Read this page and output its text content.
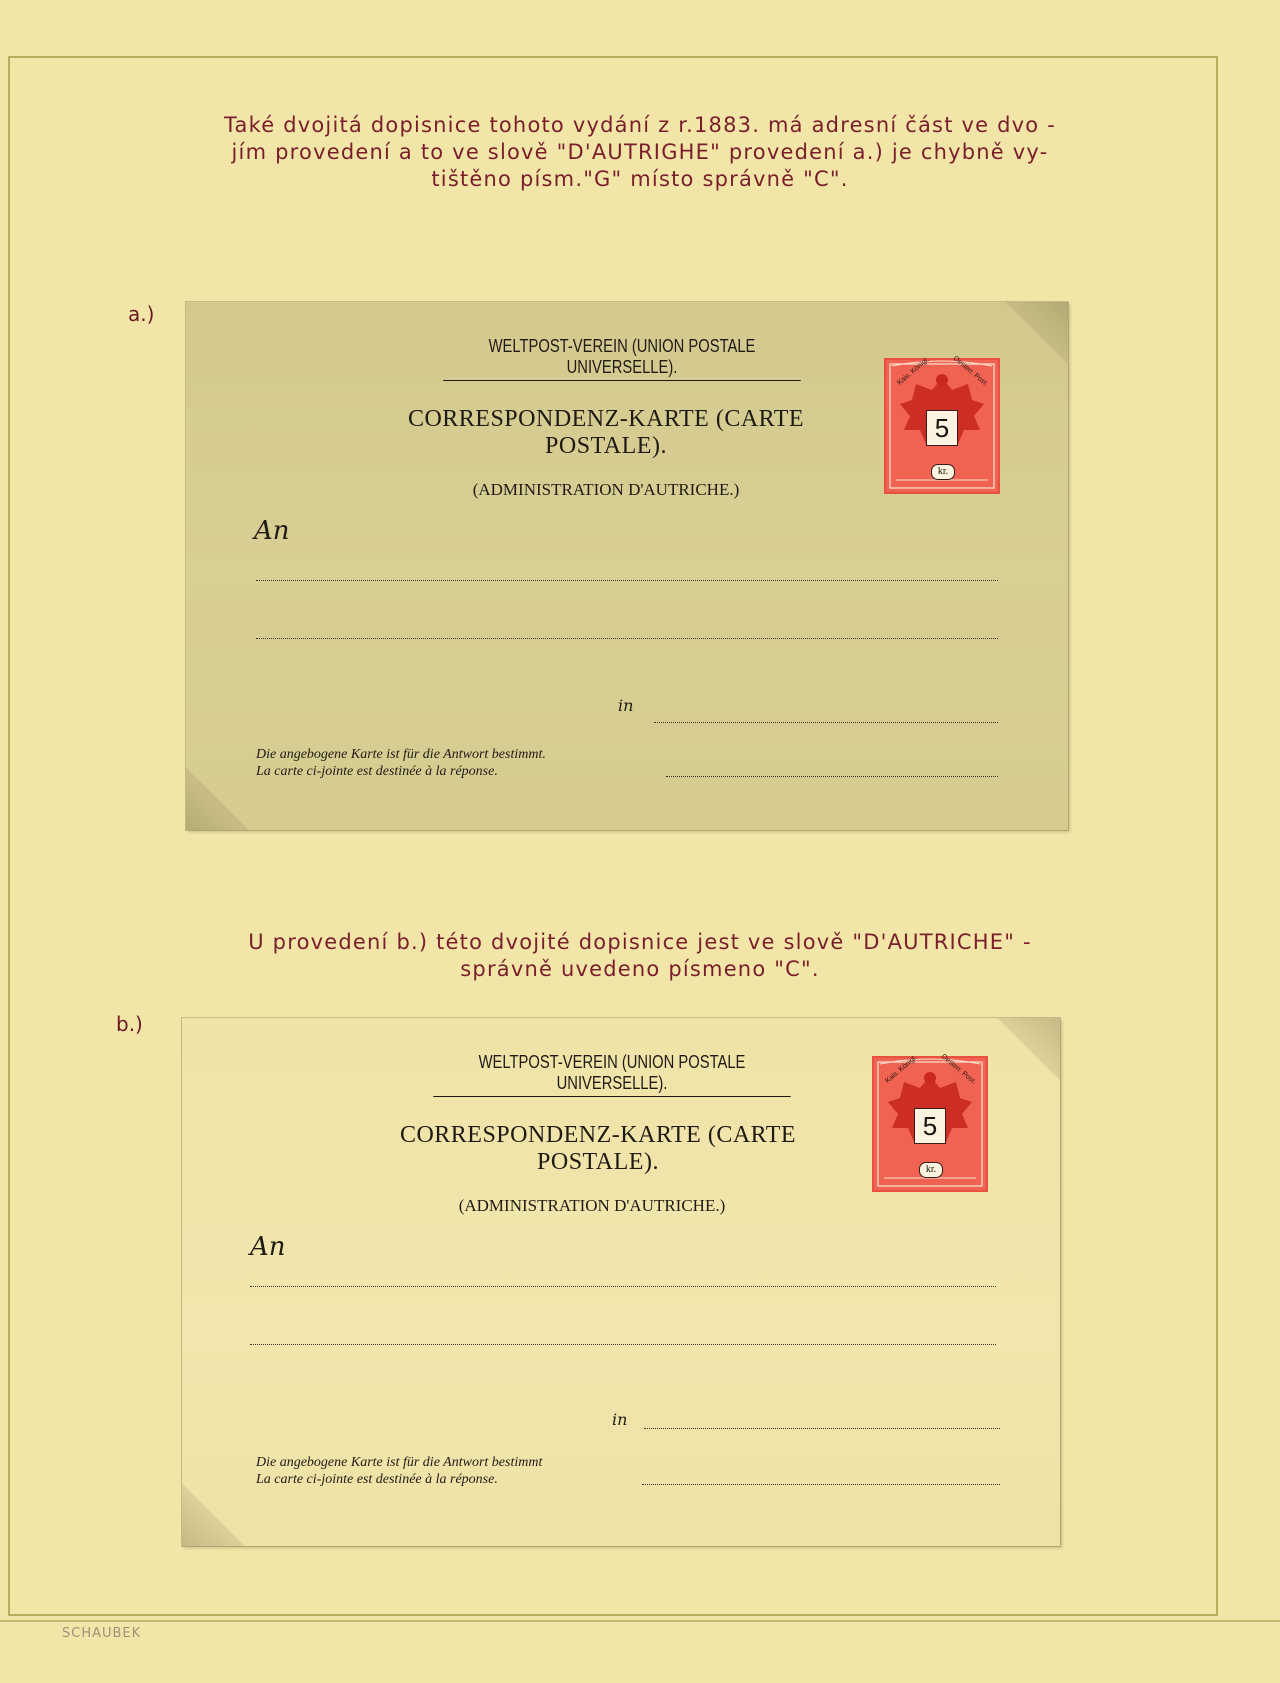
Také dvojitá dopisnice tohoto vydání z r.1883. má adresní část ve dvo -
jím provedení a to ve slově "D'AUTRIGHE" provedení a.) je chybně vy-
tištěno písm."G" místo správně "C".
a.)
WELTPOST-VEREIN (UNION POSTALE UNIVERSELLE).
CORRESPONDENZ-KARTE (CARTE POSTALE).
(ADMINISTRATION D'AUTRICHE.)
An
in
Die angebogene Karte ist für die Antwort bestimmt.
La carte ci-jointe est destinée à la réponse.
Kais. Königl.	Oesterr. Post.
5
kr.
U provedení b.) této dvojité dopisnice jest ve slově "D'AUTRICHE" -
správně uvedeno písmeno "C".
b.)
WELTPOST-VEREIN (UNION POSTALE UNIVERSELLE).
CORRESPONDENZ-KARTE (CARTE POSTALE).
(ADMINISTRATION D'AUTRICHE.)
An
in
Die angebogene Karte ist für die Antwort bestimmt
La carte ci-jointe est destinée à la réponse.
Kais. Königl.	Oesterr. Post.
5
kr.
SCHAUBEK
